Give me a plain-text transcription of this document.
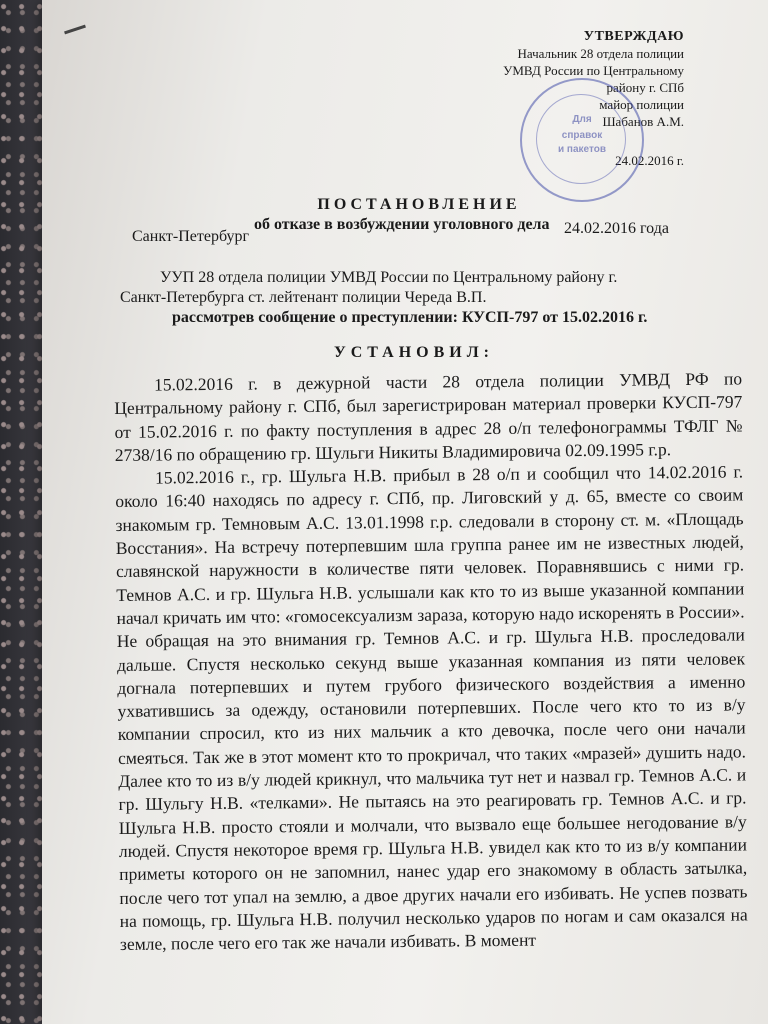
УТВЕРЖДАЮ
Начальник 28 отдела полиции
УМВД России по Центральному
району г. СПб
майор полиции
Шабанов А.М.
24.02.2016 г.
Для
справок
и пакетов
ПОСТАНОВЛЕНИЕ
об отказе в возбуждении уголовного дела
Санкт-Петербург	24.02.2016 года
УУП 28 отдела полиции УМВД России по Центральному району г.
Санкт-Петербурга ст. лейтенант полиции Череда В.П.
рассмотрев сообщение о преступлении: КУСП-797 от 15.02.2016 г.
УСТАНОВИЛ:

15.02.2016 г. в дежурной части 28 отдела полиции УМВД РФ по Центральному району г. СПб, был зарегистрирован материал проверки КУСП-797 от 15.02.2016 г. по факту поступления в адрес 28 о/п телефонограммы ТФЛГ № 2738/16 по обращению гр. Шульги Никиты Владимировича 02.09.1995 г.р.

15.02.2016 г., гр. Шульга Н.В. прибыл в 28 о/п и сообщил что 14.02.2016 г. около 16:40 находясь по адресу г. СПб, пр. Лиговский у д. 65, вместе со своим знакомым гр. Темновым А.С. 13.01.1998 г.р. следовали в сторону ст. м. «Площадь Восстания». На встречу потерпевшим шла группа ранее им не известных людей, славянской наружности в количестве пяти человек. Поравнявшись с ними гр. Темнов А.С. и гр. Шульга Н.В. услышали как кто то из выше указанной компании начал кричать им что: «гомосексуализм зараза, которую надо искоренять в России». Не обращая на это внимания гр. Темнов А.С. и гр. Шульга Н.В. проследовали дальше. Спустя несколько секунд выше указанная компания из пяти человек догнала потерпевших и путем грубого физического воздействия а именно ухватившись за одежду, остановили потерпевших. После чего кто то из в/у компании спросил, кто из них мальчик а кто девочка, после чего они начали смеяться. Так же в этот момент кто то прокричал, что таких «мразей» душить надо. Далее кто то из в/у людей крикнул, что мальчика тут нет и назвал гр. Темнов А.С. и гр. Шульгу Н.В. «телками». Не пытаясь на это реагировать гр. Темнов А.С. и гр. Шульга Н.В. просто стояли и молчали, что вызвало еще большее негодование в/у людей. Спустя некоторое время гр. Шульга Н.В. увидел как кто то из в/у компании приметы которого он не запомнил, нанес удар его знакомому в область затылка, после чего тот упал на землю, а двое других начали его избивать. Не успев позвать на помощь, гр. Шульга Н.В. получил несколько ударов по ногам и сам оказался на земле, после чего его так же начали избивать. В момент
